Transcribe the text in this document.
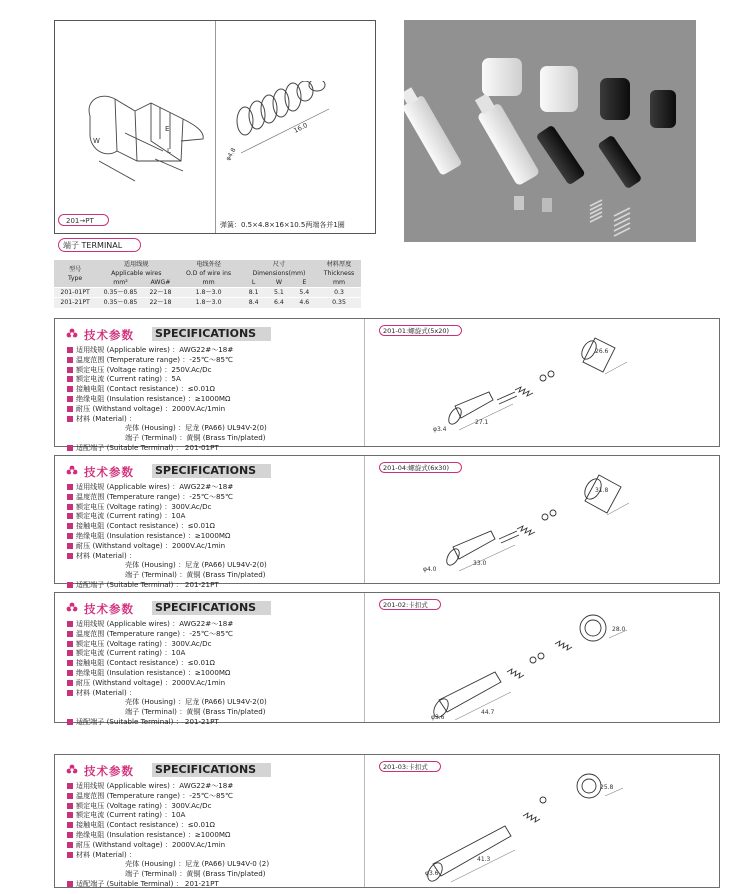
W
E
L
16.0
φ4.8
201→PT	弹簧：0.5×4.8×16×10.5两端各并1圈
端子 TERMINAL
型号
Type	适用线规		电线外径	尺寸			材料厚度
	Applicable wires		O.D of wire ins	Dimensions(mm)			Thickness
	mm²	AWG#	mm	L	W	E	mm
201-01PT	0.35～0.85	22～18	1.8～3.0	8.1	5.1	5.4	0.3
201-21PT	0.35～0.85	22～18	1.8～3.0	8.4	6.4	4.6	0.35
技术参数 SPECIFICATIONS
适用线规 (Applicable wires) ：AWG22#～18#
温度范围 (Temperature range) ：-25℃～85℃
额定电压 (Voltage rating) ：250V.Ac/Dc
额定电流 (Current rating) ：5A
接触电阻 (Contact resistance) ：≤0.01Ω
绝缘电阻 (Insulation resistance) ：≥1000MΩ
耐压 (Withstand voltage) ：2000V.Ac/1min
材料 (Material) ：
壳体 (Housing) ：尼龙 (PA66) UL94V-2(0)
端子 (Terminal) ：黄铜 (Brass Tin/plated)
适配端子 (Suitable Terminal) ： 201-01PT
201-01:螺旋式(5x20)
26.6
27.1
φ3.4
技术参数 SPECIFICATIONS
适用线规 (Applicable wires) ：AWG22#～18#
温度范围 (Temperature range) ：-25℃～85℃
额定电压 (Voltage rating) ：300V.Ac/Dc
额定电流 (Current rating) ：10A
接触电阻 (Contact resistance) ：≤0.01Ω
绝缘电阻 (Insulation resistance) ：≥1000MΩ
耐压 (Withstand voltage) ：2000V.Ac/1min
材料 (Material) ：
壳体 (Housing) ：尼龙 (PA66) UL94V-2(0)
端子 (Terminal) ：黄铜 (Brass Tin/plated)
适配端子 (Suitable Terminal) ： 201-21PT
201-04:螺旋式(6x30)
31.8
33.0
φ4.0
技术参数 SPECIFICATIONS
适用线规 (Applicable wires) ：AWG22#～18#
温度范围 (Temperature range) ：-25℃～85℃
额定电压 (Voltage rating) ：300V.Ac/Dc
额定电流 (Current rating) ：10A
接触电阻 (Contact resistance) ：≤0.01Ω
绝缘电阻 (Insulation resistance) ：≥1000MΩ
耐压 (Withstand voltage) ：2000V.Ac/1min
材料 (Material) ：
壳体 (Housing) ：尼龙 (PA66) UL94V-2(0)
端子 (Terminal) ：黄铜 (Brass Tin/plated)
适配端子 (Suitable Terminal) ： 201-21PT
201-02:卡扣式
28.0
44.7
φ3.6
技术参数 SPECIFICATIONS
适用线规 (Applicable wires) ：AWG22#～18#
温度范围 (Temperature range) ：-25℃～85℃
额定电压 (Voltage rating) ：300V.Ac/Dc
额定电流 (Current rating) ：10A
接触电阻 (Contact resistance) ：≤0.01Ω
绝缘电阻 (Insulation resistance) ：≥1000MΩ
耐压 (Withstand voltage) ：2000V.Ac/1min
材料 (Material) ：
壳体 (Housing) ：尼龙 (PA66) UL94V-0 (2)
端子 (Terminal) ：黄铜 (Brass Tin/plated)
适配端子 (Suitable Terminal) ： 201-21PT
201-03:卡扣式
25.8
41.3
φ3.6
